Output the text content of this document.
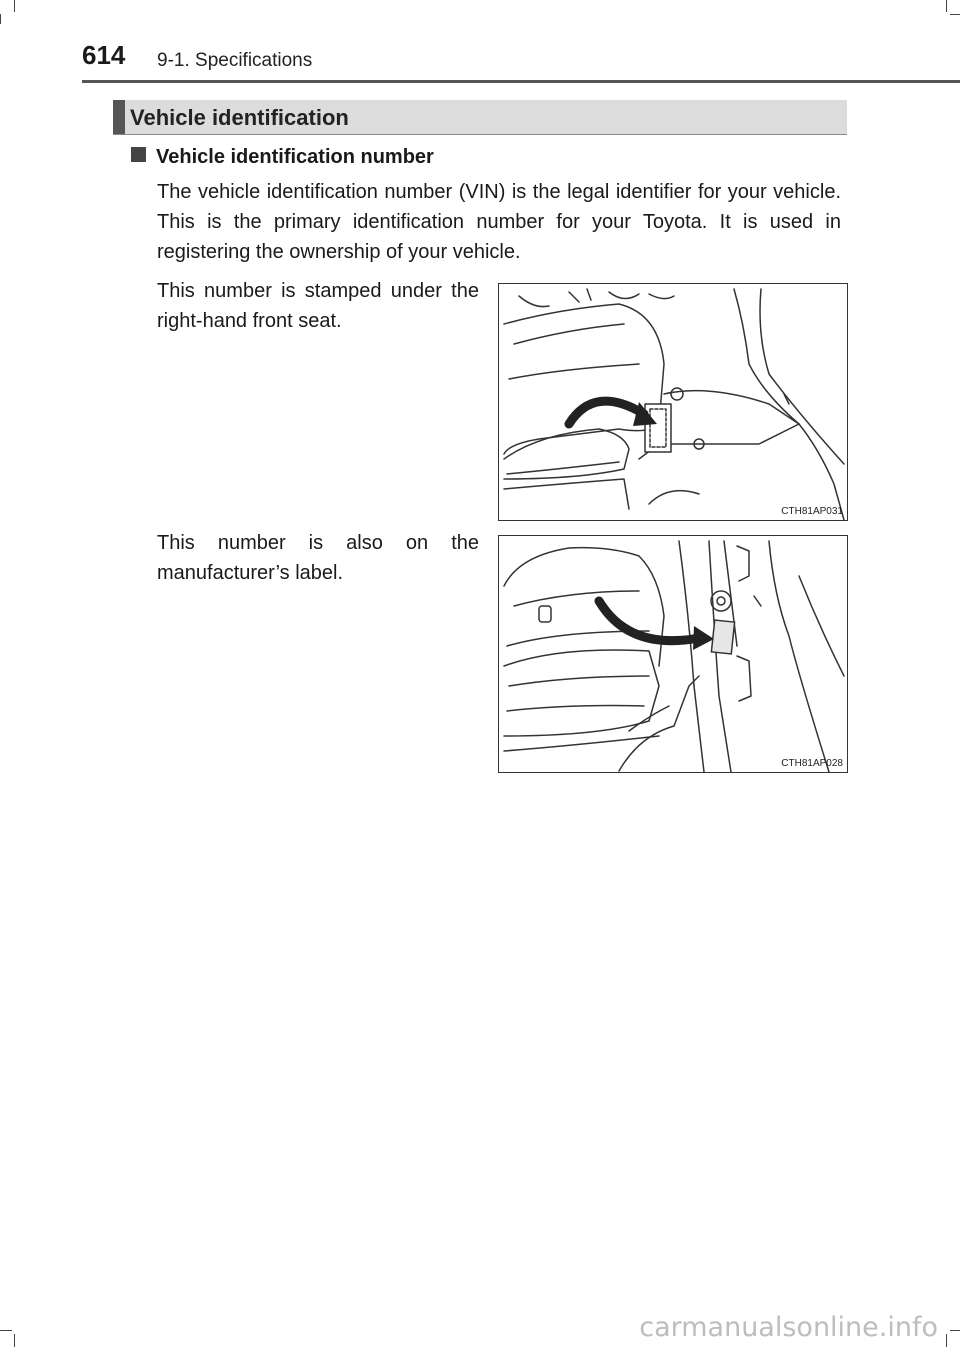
614 9-1. Specifications
Vehicle identification
Vehicle identification number
The vehicle identification number (VIN) is the legal identifier for your vehicle. This is the primary identification number for your Toyota. It is used in registering the ownership of your vehicle.
This number is stamped under the right-hand front seat.
CTH81AP031
This number is also on the manufacturer’s label.
CTH81AP028
carmanualsonline.info
